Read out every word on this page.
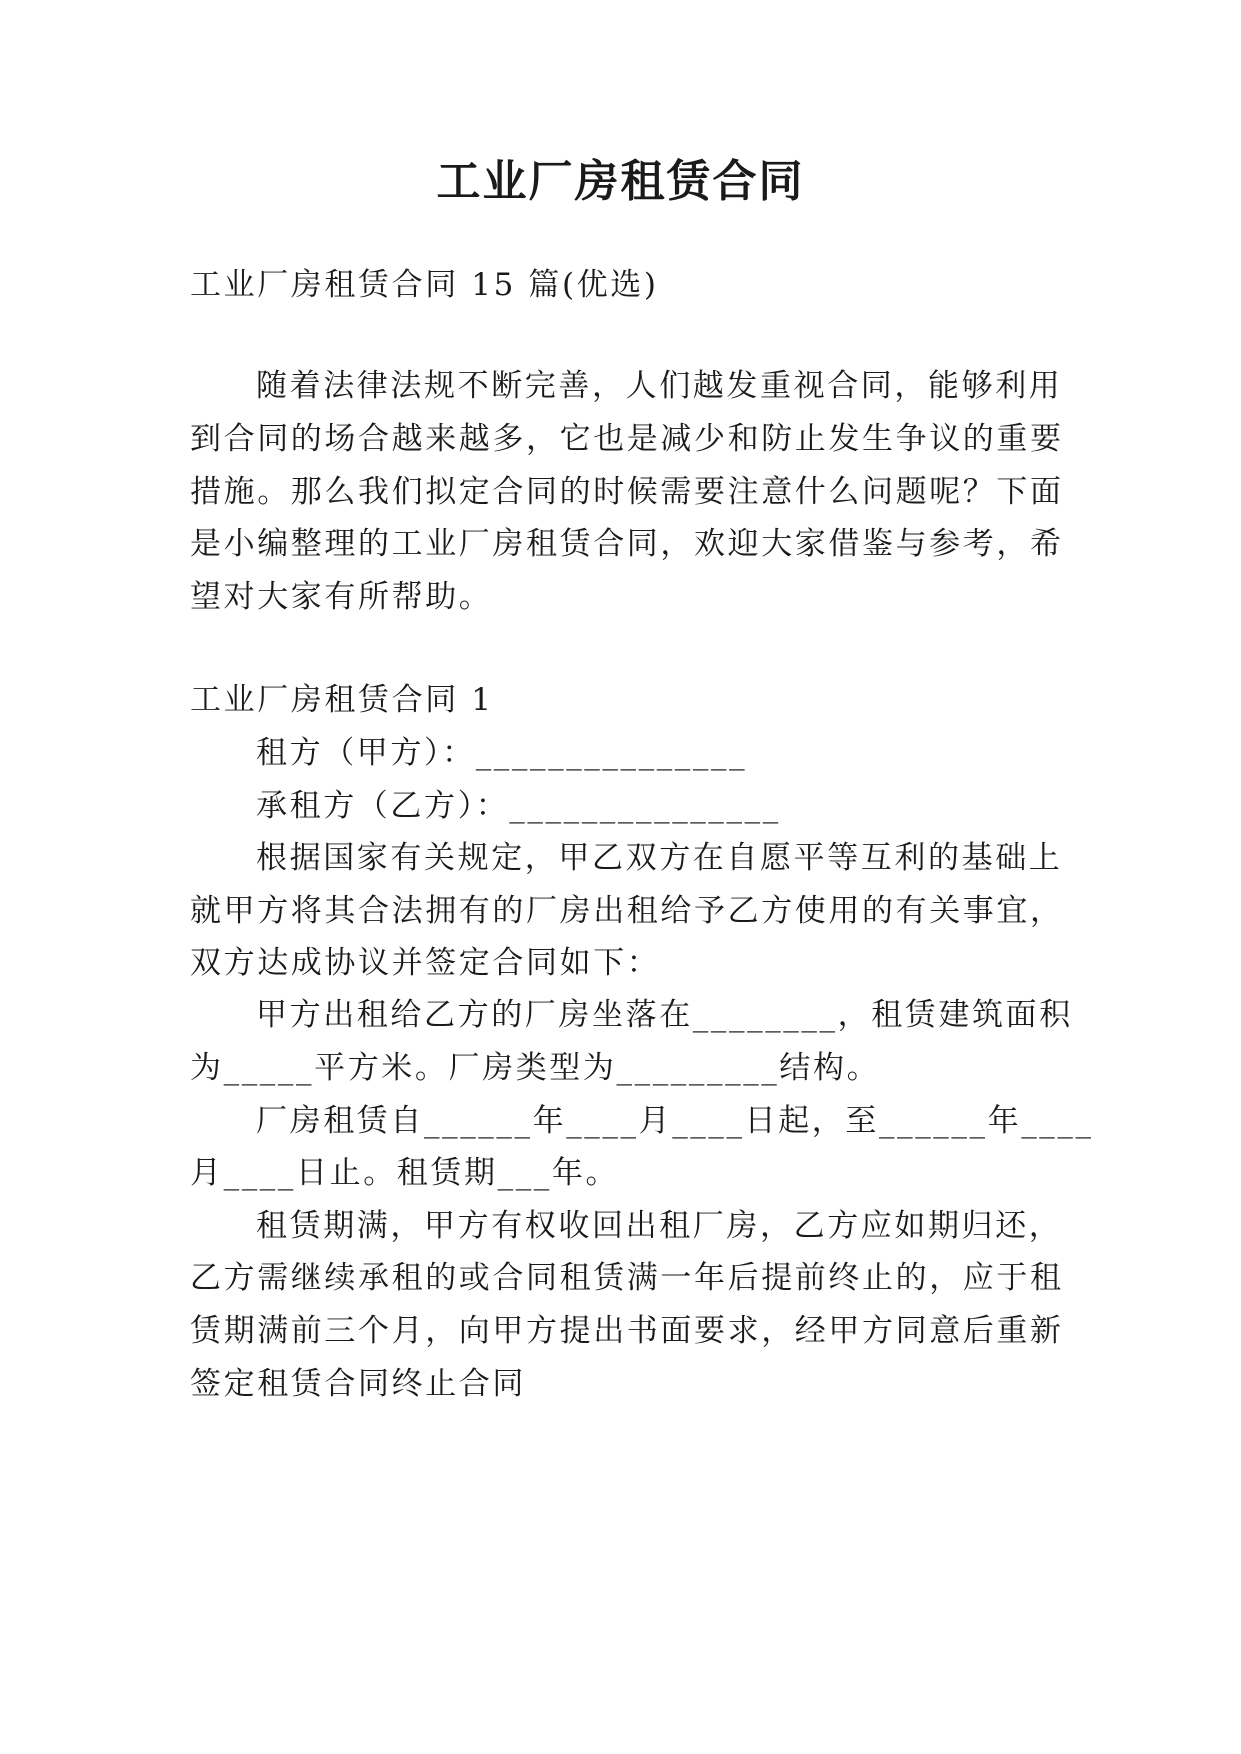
工业厂房租赁合同
工业厂房租赁合同 15 篇(优选)
随着法律法规不断完善，人们越发重视合同，能够利用
到合同的场合越来越多，它也是减少和防止发生争议的重要
措施。那么我们拟定合同的时候需要注意什么问题呢？下面
是小编整理的工业厂房租赁合同，欢迎大家借鉴与参考，希
望对大家有所帮助。
工业厂房租赁合同 1
租方（甲方）：_______________
承租方（乙方）：_______________
根据国家有关规定，甲乙双方在自愿平等互利的基础上
就甲方将其合法拥有的厂房出租给予乙方使用的有关事宜，
双方达成协议并签定合同如下：
甲方出租给乙方的厂房坐落在________，租赁建筑面积
为_____平方米。厂房类型为_________结构。
厂房租赁自______年____月____日起，至______年____
月____日止。租赁期___年。
租赁期满，甲方有权收回出租厂房，乙方应如期归还，
乙方需继续承租的或合同租赁满一年后提前终止的，应于租
赁期满前三个月，向甲方提出书面要求，经甲方同意后重新
签定租赁合同终止合同
